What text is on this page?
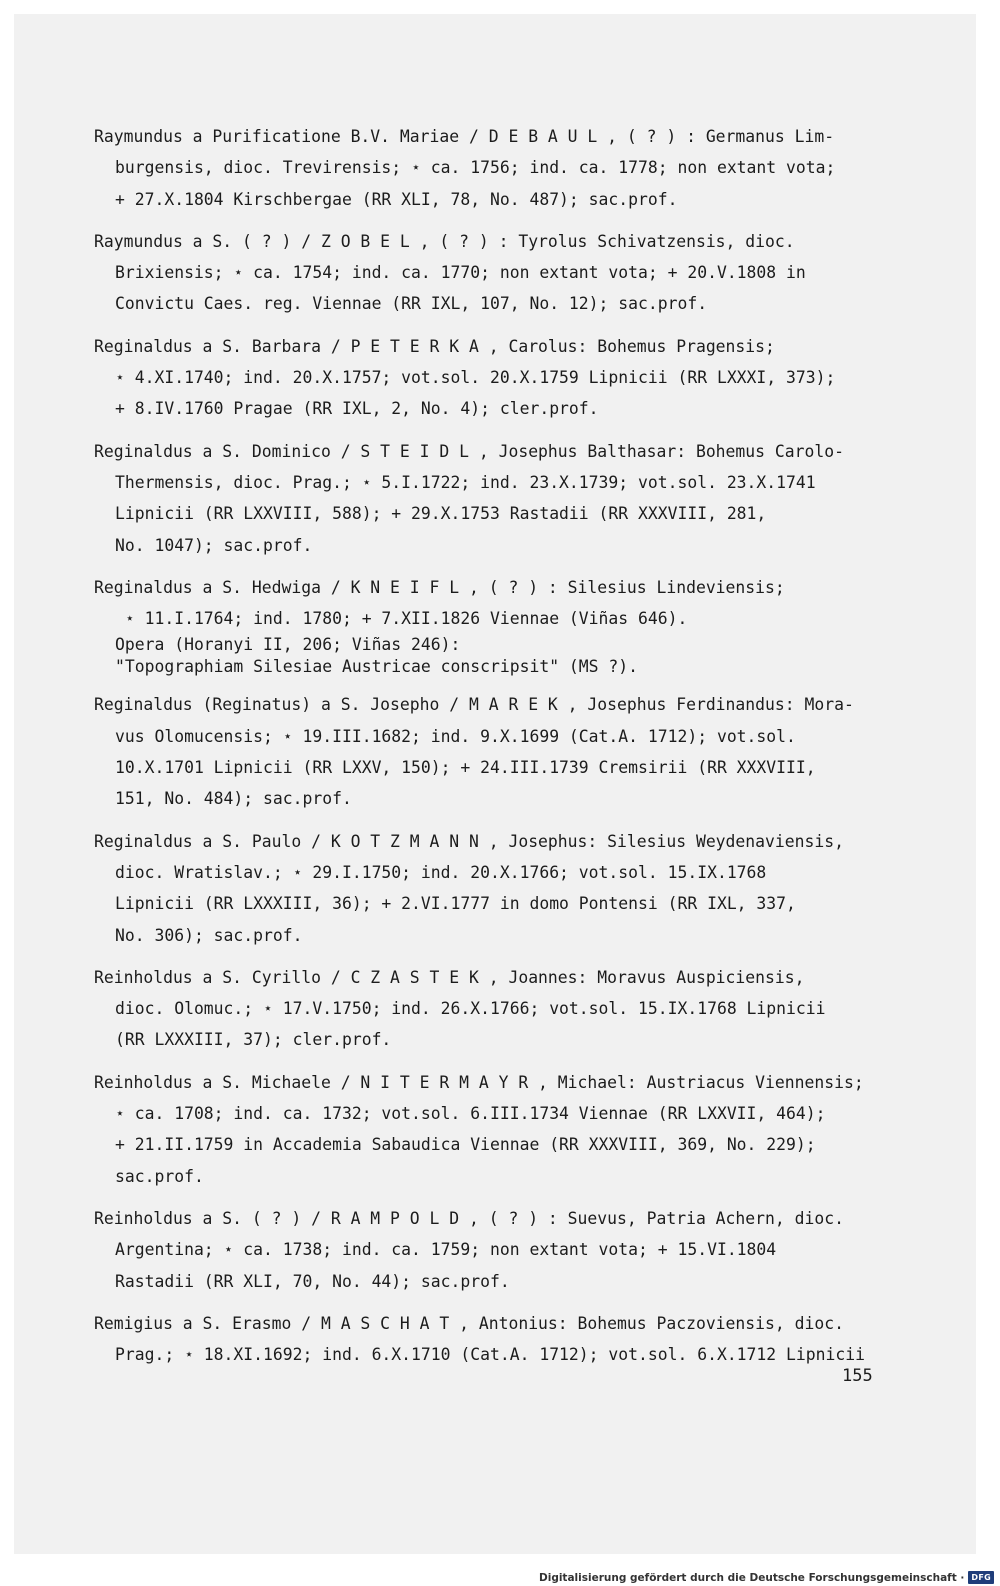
Raymundus a Purificatione B.V. Mariae / D E B A U L , ( ? ) : Germanus Lim-
burgensis, dioc. Trevirensis; ⋆ ca. 1756; ind. ca. 1778; non extant vota;
+ 27.X.1804 Kirschbergae (RR XLI, 78, No. 487); sac.prof.
Raymundus a S. ( ? ) / Z O B E L , ( ? ) : Tyrolus Schivatzensis, dioc.
Brixiensis; ⋆ ca. 1754; ind. ca. 1770; non extant vota; + 20.V.1808 in
Convictu Caes. reg. Viennae (RR IXL, 107, No. 12); sac.prof.
Reginaldus a S. Barbara / P E T E R K A , Carolus: Bohemus Pragensis;
⋆ 4.XI.1740; ind. 20.X.1757; vot.sol. 20.X.1759 Lipnicii (RR LXXXI, 373);
+ 8.IV.1760 Pragae (RR IXL, 2, No. 4); cler.prof.
Reginaldus a S. Dominico / S T E I D L , Josephus Balthasar: Bohemus Carolo-
Thermensis, dioc. Prag.; ⋆ 5.I.1722; ind. 23.X.1739; vot.sol. 23.X.1741
Lipnicii (RR LXXVIII, 588); + 29.X.1753 Rastadii (RR XXXVIII, 281,
No. 1047); sac.prof.
Reginaldus a S. Hedwiga / K N E I F L , ( ? ) : Silesius Lindeviensis;
⋆ 11.I.1764; ind. 1780; + 7.XII.1826 Viennae (Viñas 646).
Opera (Horanyi II, 206; Viñas 246):
"Topographiam Silesiae Austricae conscripsit" (MS ?).
Reginaldus (Reginatus) a S. Josepho / M A R E K , Josephus Ferdinandus: Mora-
vus Olomucensis; ⋆ 19.III.1682; ind. 9.X.1699 (Cat.A. 1712); vot.sol.
10.X.1701 Lipnicii (RR LXXV, 150); + 24.III.1739 Cremsirii (RR XXXVIII,
151, No. 484); sac.prof.
Reginaldus a S. Paulo / K O T Z M A N N , Josephus: Silesius Weydenaviensis,
dioc. Wratislav.; ⋆ 29.I.1750; ind. 20.X.1766; vot.sol. 15.IX.1768
Lipnicii (RR LXXXIII, 36); + 2.VI.1777 in domo Pontensi (RR IXL, 337,
No. 306); sac.prof.
Reinholdus a S. Cyrillo / C Z A S T E K , Joannes: Moravus Auspiciensis,
dioc. Olomuc.; ⋆ 17.V.1750; ind. 26.X.1766; vot.sol. 15.IX.1768 Lipnicii
(RR LXXXIII, 37); cler.prof.
Reinholdus a S. Michaele / N I T E R M A Y R , Michael: Austriacus Viennensis;
⋆ ca. 1708; ind. ca. 1732; vot.sol. 6.III.1734 Viennae (RR LXXVII, 464);
+ 21.II.1759 in Accademia Sabaudica Viennae (RR XXXVIII, 369, No. 229);
sac.prof.
Reinholdus a S. ( ? ) / R A M P O L D , ( ? ) : Suevus, Patria Achern, dioc.
Argentina; ⋆ ca. 1738; ind. ca. 1759; non extant vota; + 15.VI.1804
Rastadii (RR XLI, 70, No. 44); sac.prof.
Remigius a S. Erasmo / M A S C H A T , Antonius: Bohemus Paczoviensis, dioc.
Prag.; ⋆ 18.XI.1692; ind. 6.X.1710 (Cat.A. 1712); vot.sol. 6.X.1712 Lipnicii
155
Digitalisierung gefördert durch die Deutsche Forschungsgemeinschaft · DFG
